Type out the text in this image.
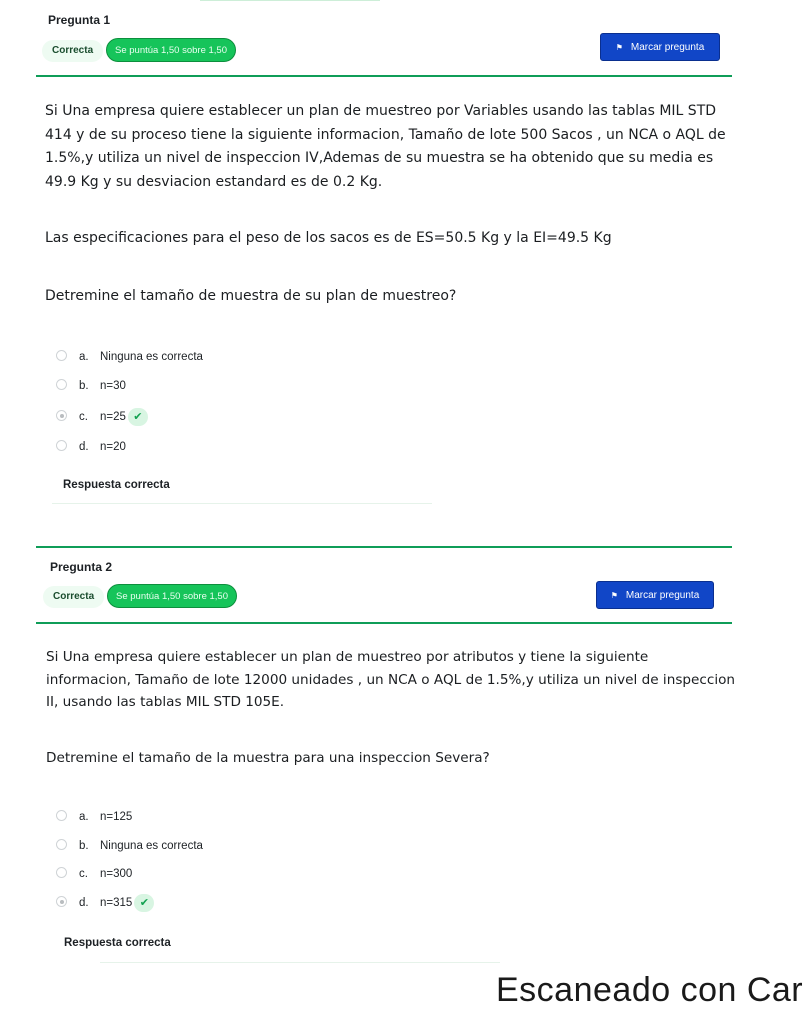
Pregunta 1
Correcta	Se puntúa 1,50 sobre 1,50	⚑ Marcar pregunta
Si Una empresa quiere establecer un plan de muestreo por Variables usando las tablas MIL STD 414 y de su proceso tiene la siguiente informacion, Tamaño de lote 500 Sacos , un NCA o AQL de 1.5%,y utiliza un nivel de inspeccion IV,Ademas de su muestra se ha obtenido que su media es 49.9 Kg y su desviacion estandard es de 0.2 Kg.
Las especificaciones para el peso de los sacos es de ES=50.5 Kg y la EI=49.5 Kg
Detremine el tamaño de muestra de su plan de muestreo?
a. Ninguna es correcta
b. n=30
c. n=25 ✔
d. n=20
Respuesta correcta
Pregunta 2
Correcta	Se puntúa 1,50 sobre 1,50	⚑ Marcar pregunta
Si Una empresa quiere establecer un plan de muestreo por atributos y tiene la siguiente informacion, Tamaño de lote 12000 unidades , un NCA o AQL de 1.5%,y utiliza un nivel de inspeccion II, usando las tablas MIL STD 105E.
Detremine el tamaño de la muestra para una inspeccion Severa?
a. n=125
b. Ninguna es correcta
c. n=300
d. n=315 ✔
Respuesta correcta
Escaneado con Car
